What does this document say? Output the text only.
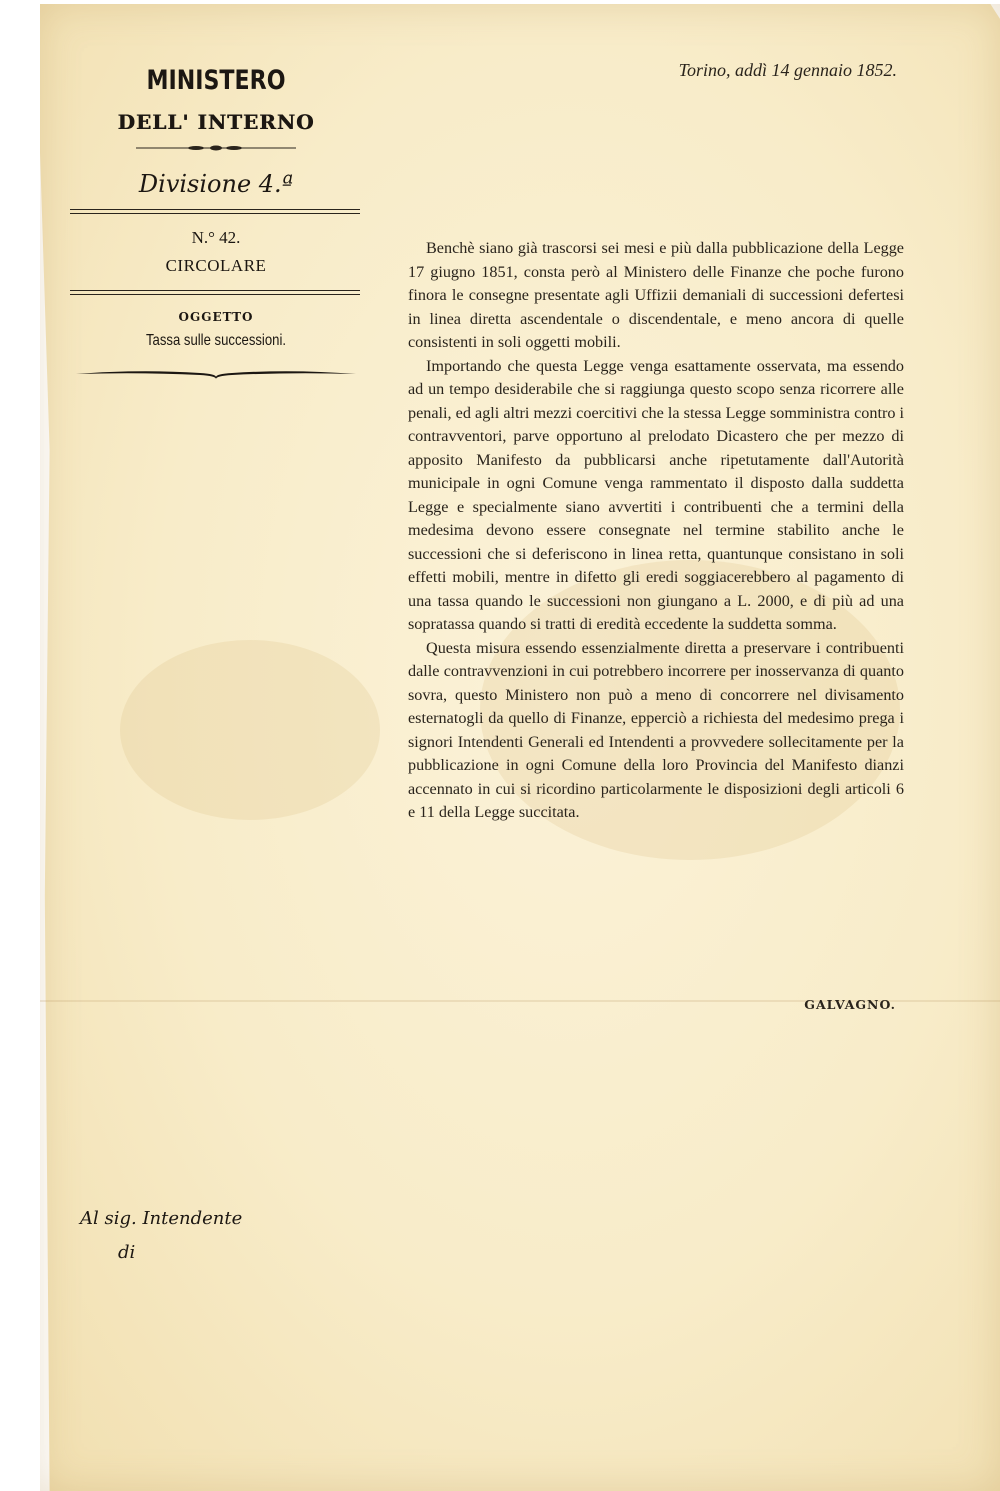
MINISTERO
DELL' INTERNO
Divisione 4.ª
N.° 42.
CIRCOLARE
OGGETTO
Tassa sulle successioni.
Torino, addì 14 gennaio 1852.

Benchè siano già trascorsi sei mesi e più dalla pubblicazione della Legge 17 giugno 1851, consta però al Ministero delle Finanze che poche furono finora le consegne presentate agli Uffizii demaniali di successioni defertesi in linea diretta ascendentale o discendentale, e meno ancora di quelle consistenti in soli oggetti mobili.

Importando che questa Legge venga esattamente osservata, ma essendo ad un tempo desiderabile che si raggiunga questo scopo senza ricorrere alle penali, ed agli altri mezzi coercitivi che la stessa Legge somministra contro i contravventori, parve opportuno al prelodato Dicastero che per mezzo di apposito Manifesto da pubblicarsi anche ripetutamente dall'Autorità municipale in ogni Comune venga rammentato il disposto dalla suddetta Legge e specialmente siano avvertiti i contribuenti che a termini della medesima devono essere consegnate nel termine stabilito anche le successioni che si deferiscono in linea retta, quantunque consistano in soli effetti mobili, mentre in difetto gli eredi soggiacerebbero al pagamento di una tassa quando le successioni non giungano a L. 2000, e di più ad una sopratassa quando si tratti di eredità eccedente la suddetta somma.

Questa misura essendo essenzialmente diretta a preservare i contribuenti dalle contravvenzioni in cui potrebbero incorrere per inosservanza di quanto sovra, questo Ministero non può a meno di concorrere nel divisamento esternatogli da quello di Finanze, epperciò a richiesta del medesimo prega i signori Intendenti Generali ed Intendenti a provvedere sollecitamente per la pubblicazione in ogni Comune della loro Provincia del Manifesto dianzi accennato in cui si ricordino particolarmente le disposizioni degli articoli 6 e 11 della Legge succitata.

GALVAGNO.
Al sig. Intendente
di
